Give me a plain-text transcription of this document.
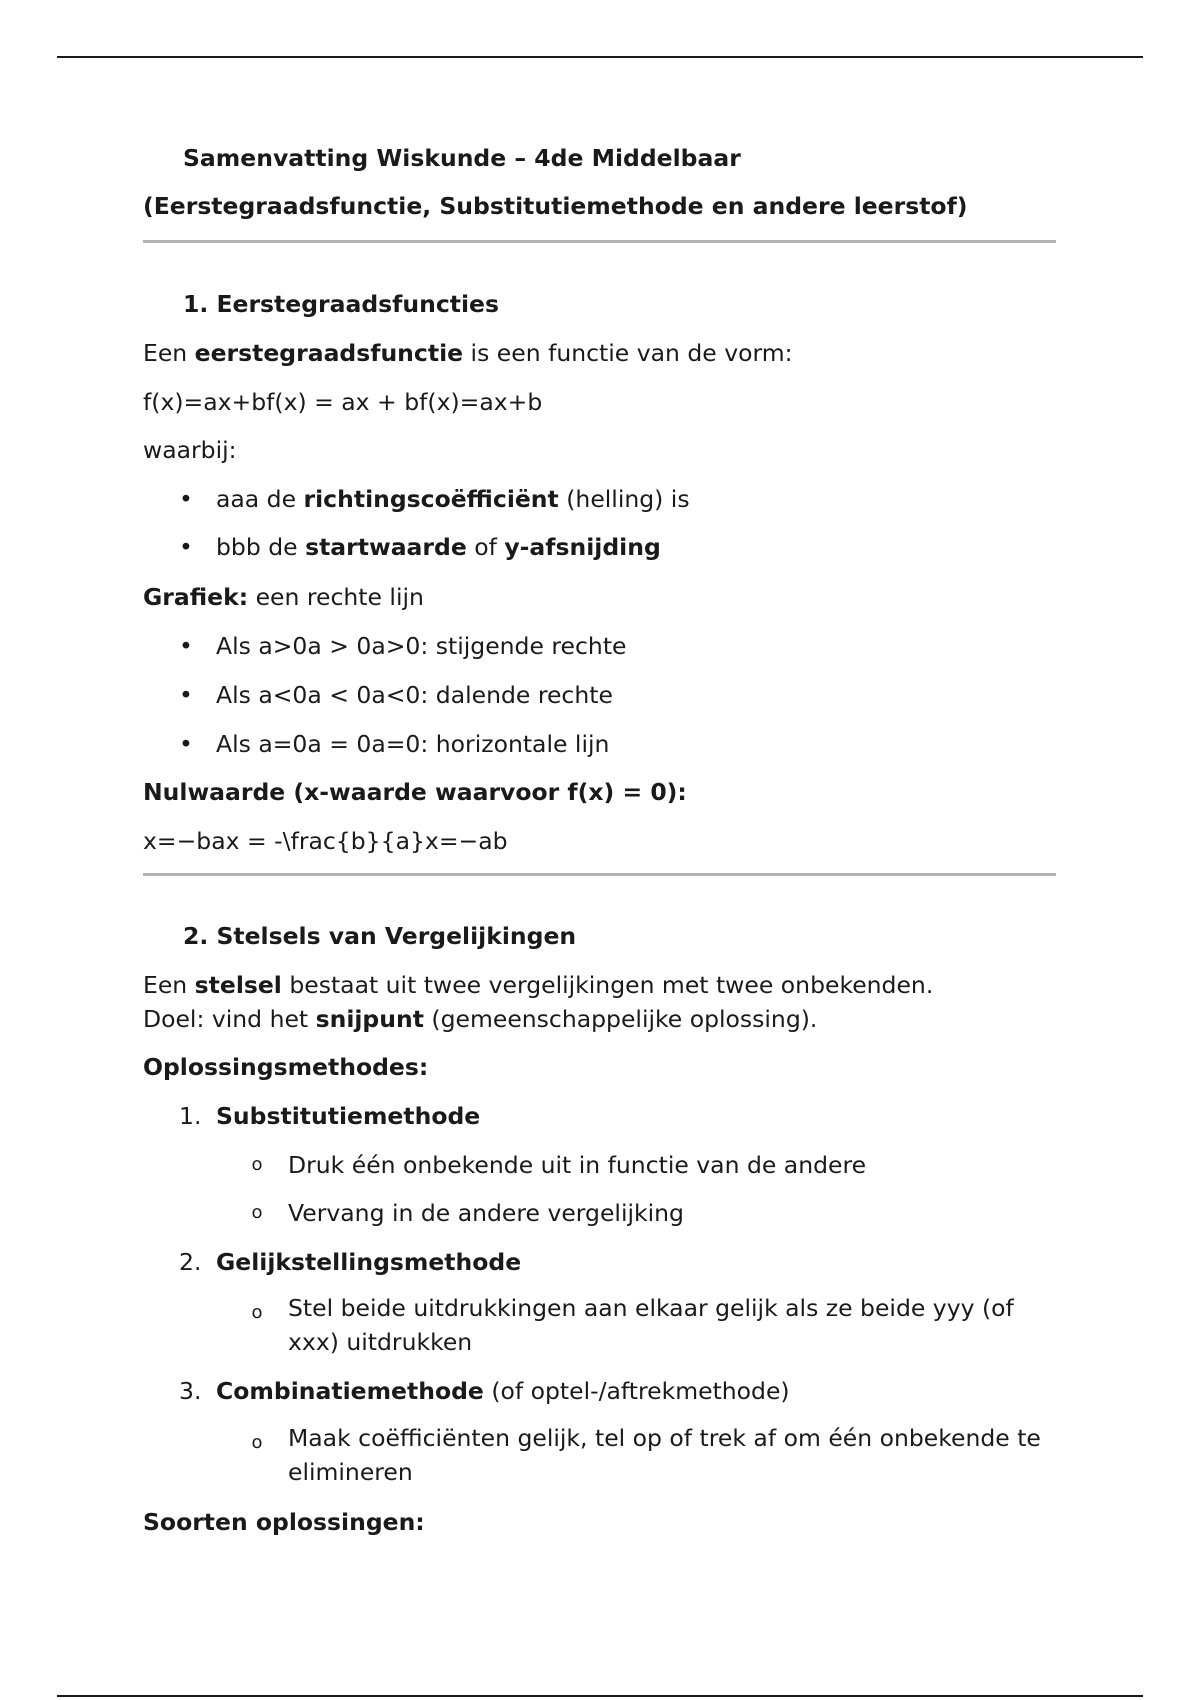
Samenvatting Wiskunde – 4de Middelbaar
(Eerstegraadsfunctie, Substitutiemethode en andere leerstof)
1. Eerstegraadsfuncties
Een eerstegraadsfunctie is een functie van de vorm:
f(x)=ax+bf(x) = ax + bf(x)=ax+b
waarbij:
• aaa de richtingscoëfficiënt (helling) is
• bbb de startwaarde of y-afsnijding
Grafiek: een rechte lijn
• Als a>0a > 0a>0: stijgende rechte
• Als a<0a < 0a<0: dalende rechte
• Als a=0a = 0a=0: horizontale lijn
Nulwaarde (x-waarde waarvoor f(x) = 0):
x=−bax = -\frac{b}{a}x=−ab
2. Stelsels van Vergelijkingen
Een stelsel bestaat uit twee vergelijkingen met twee onbekenden.
Doel: vind het snijpunt (gemeenschappelijke oplossing).
Oplossingsmethodes:
1. Substitutiemethode
o Druk één onbekende uit in functie van de andere
o Vervang in de andere vergelijking
2. Gelijkstellingsmethode
o Stel beide uitdrukkingen aan elkaar gelijk als ze beide yyy (of xxx) uitdrukken
3. Combinatiemethode (of optel-/aftrekmethode)
o Maak coëfficiënten gelijk, tel op of trek af om één onbekende te elimineren
Soorten oplossingen:
